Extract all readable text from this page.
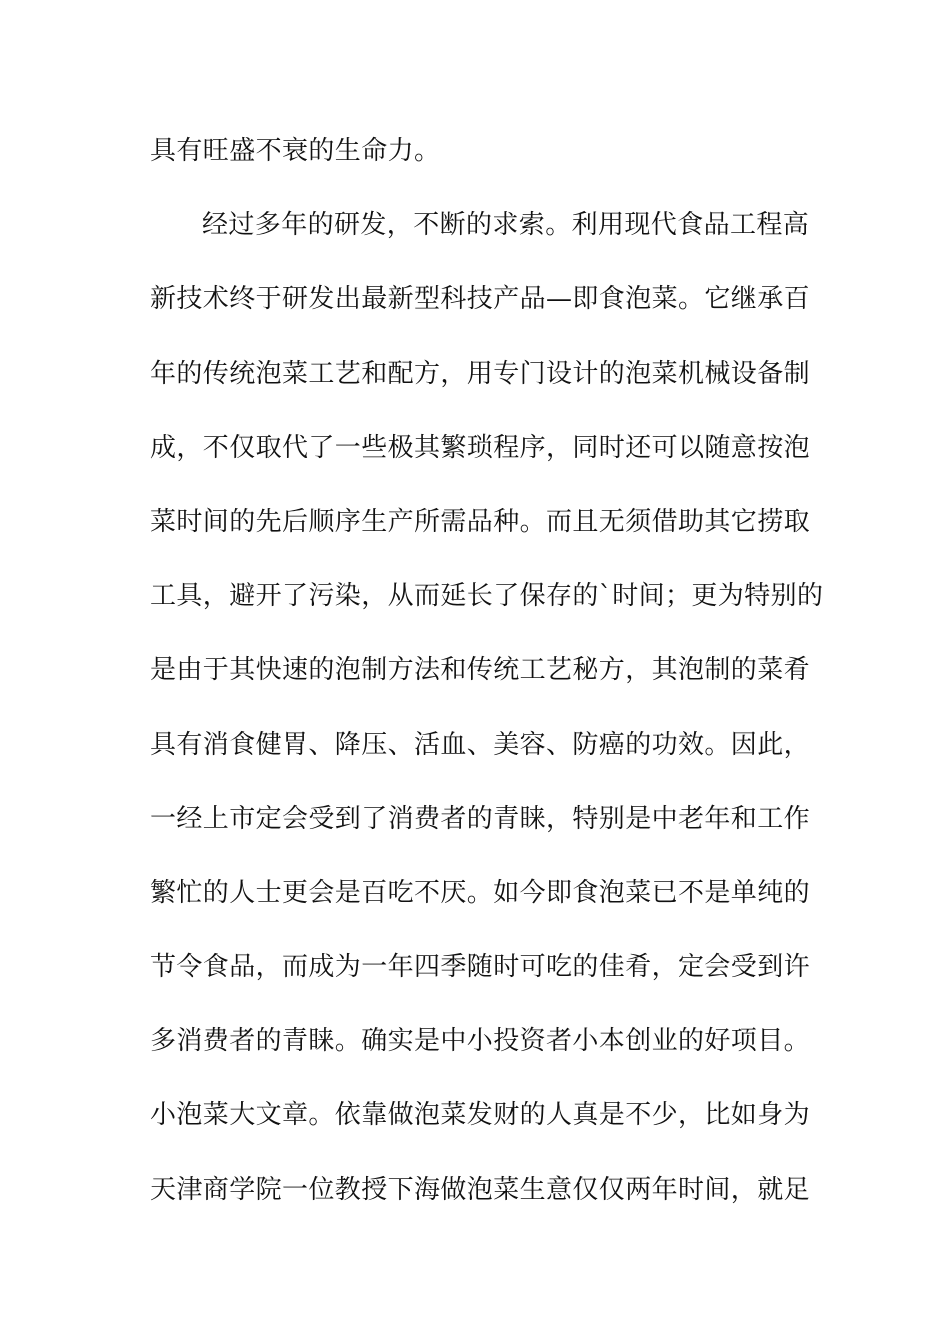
具有旺盛不衰的生命力。
经过多年的研发，不断的求索。利用现代食品工程高
新技术终于研发出最新型科技产品—即食泡菜。它继承百
年的传统泡菜工艺和配方，用专门设计的泡菜机械设备制
成，不仅取代了一些极其繁琐程序，同时还可以随意按泡
菜时间的先后顺序生产所需品种。而且无须借助其它捞取
工具，避开了污染，从而延长了保存的`时间；更为特别的
是由于其快速的泡制方法和传统工艺秘方，其泡制的菜肴
具有消食健胃、降压、活血、美容、防癌的功效。因此，
一经上市定会受到了消费者的青睐，特别是中老年和工作
繁忙的人士更会是百吃不厌。如今即食泡菜已不是单纯的
节令食品，而成为一年四季随时可吃的佳肴，定会受到许
多消费者的青睐。确实是中小投资者小本创业的好项目。
小泡菜大文章。依靠做泡菜发财的人真是不少，比如身为
天津商学院一位教授下海做泡菜生意仅仅两年时间，就足
